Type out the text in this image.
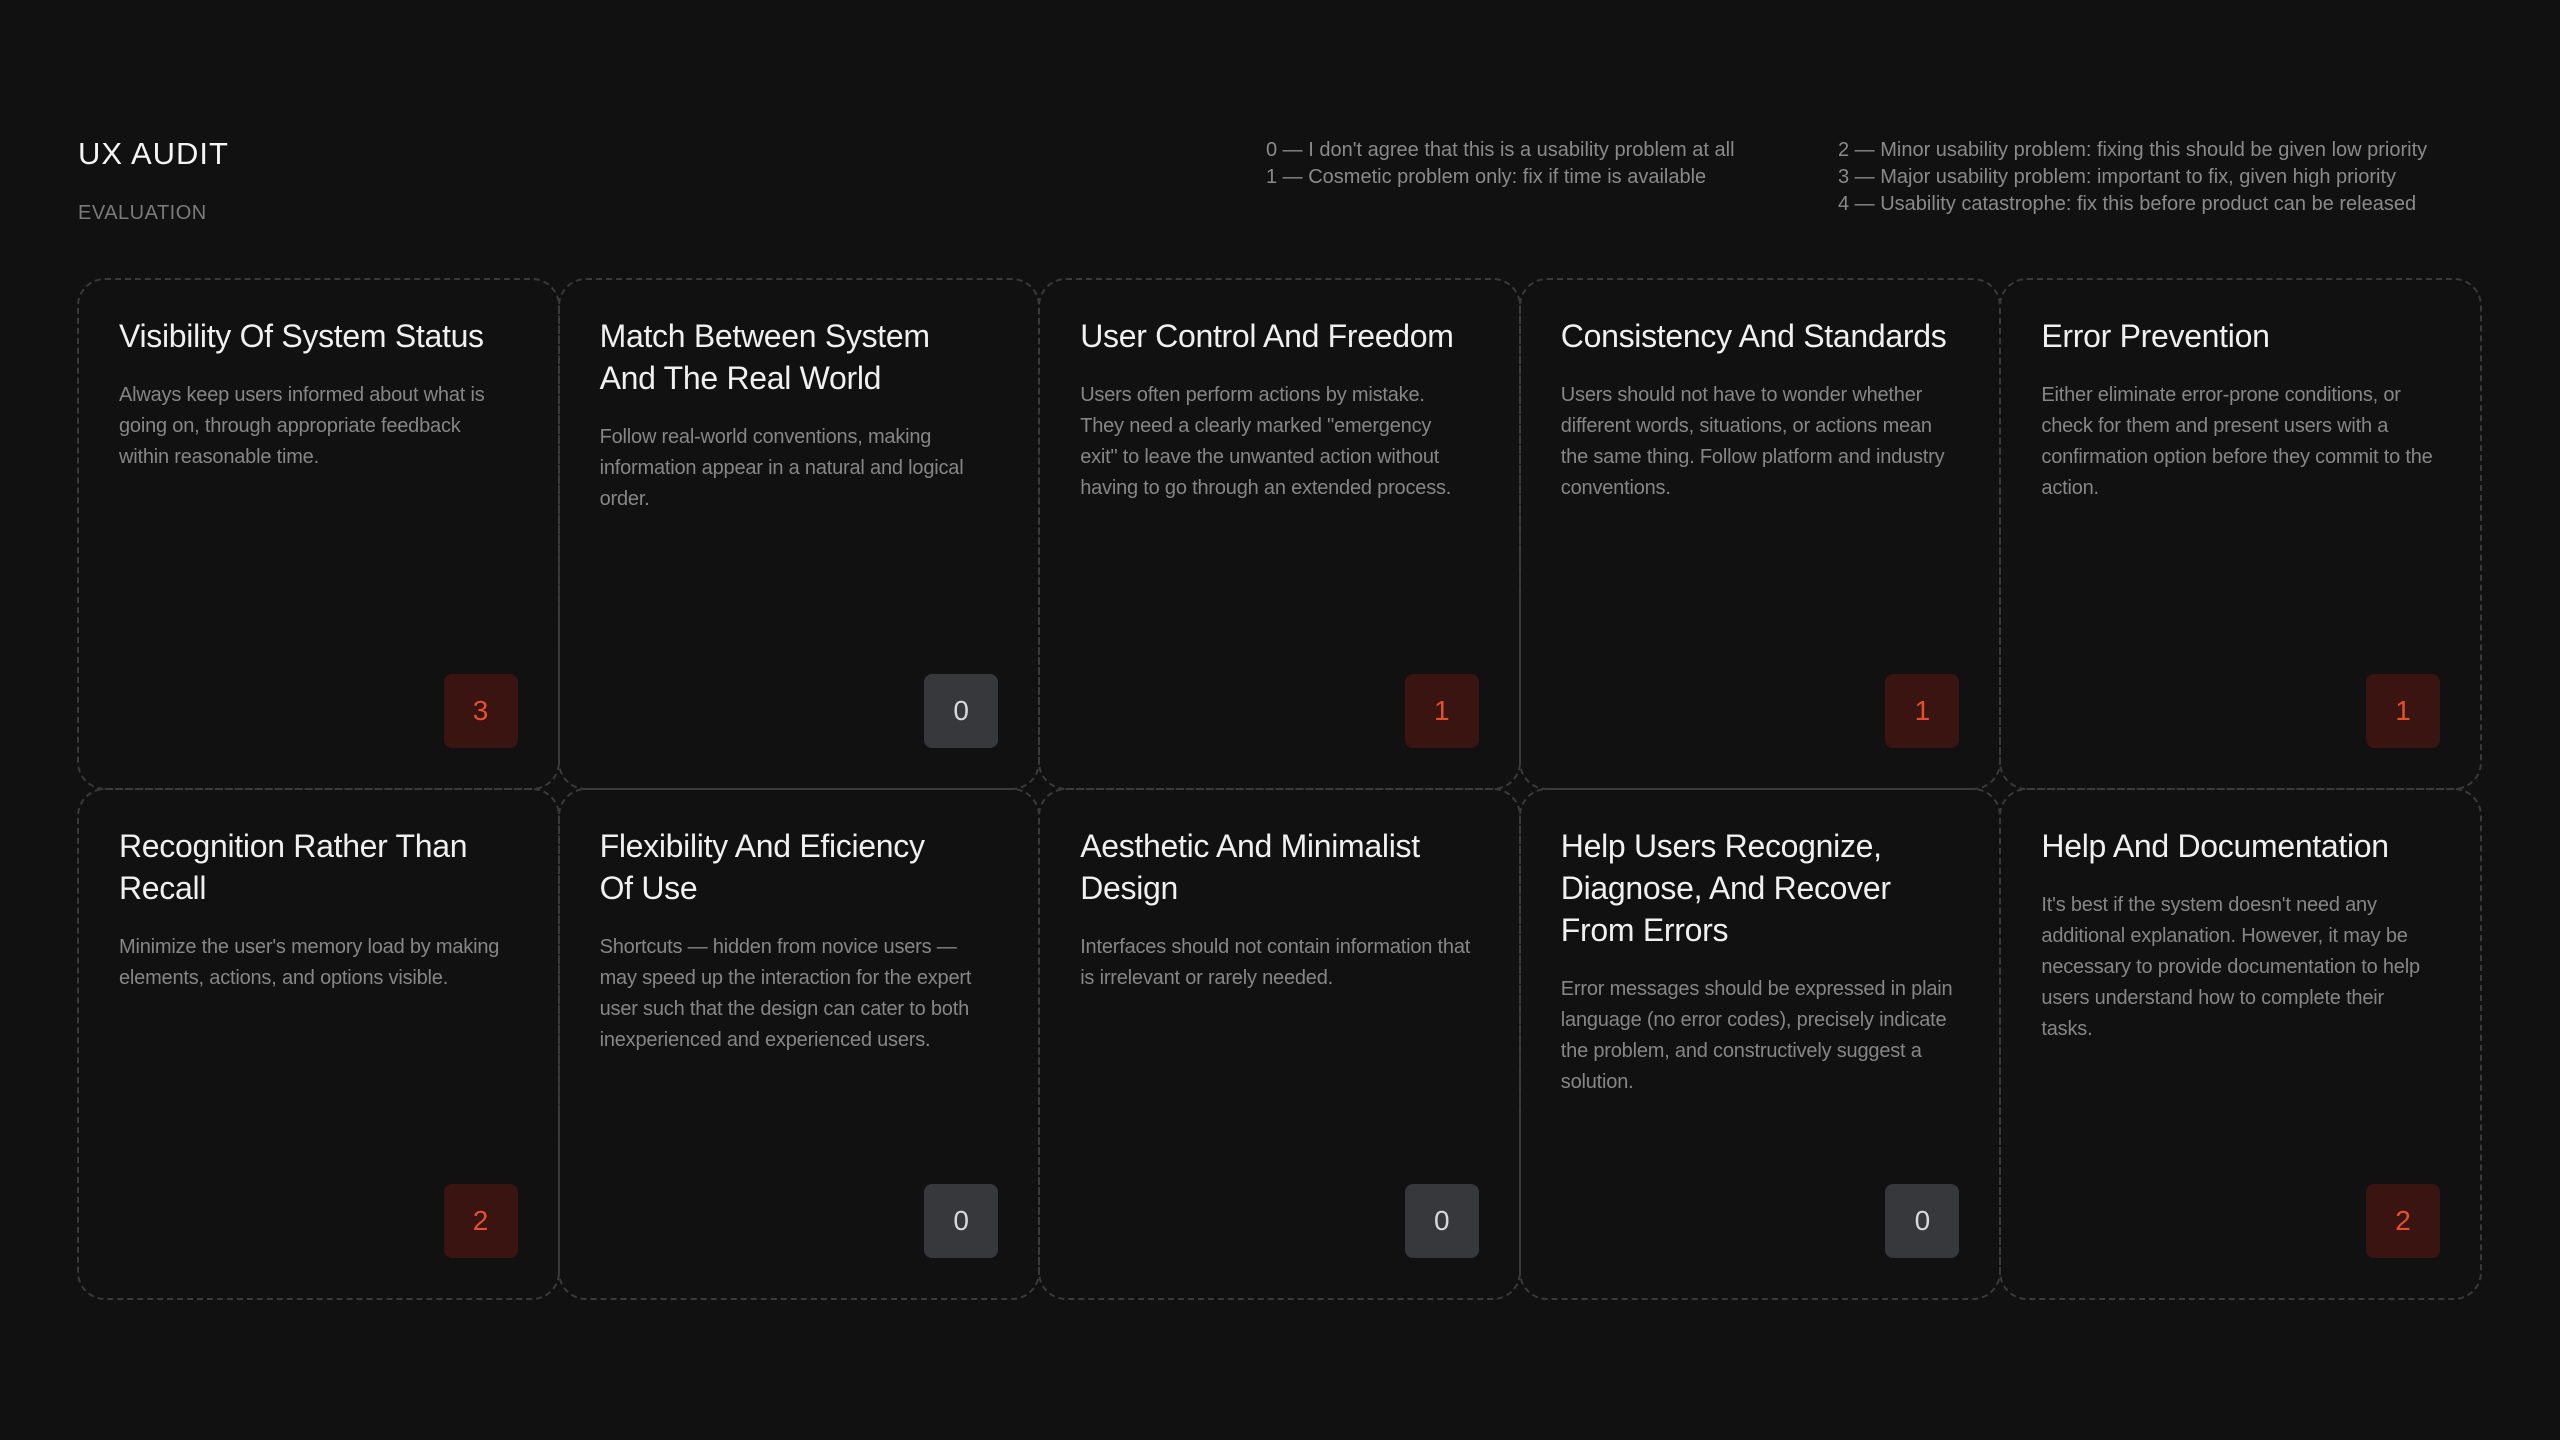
UX AUDIT

EVALUATION

0 — I don't agree that this is a usability problem at all
1 — Cosmetic problem only: fix if time is available
2 — Minor usability problem: fixing this should be given low priority
3 — Major usability problem: important to fix, given high priority
4 — Usability catastrophe: fix this before product can be released
Visibility Of System Status

Always keep users informed about what is going on, through appropriate feedback within reasonable time.

3
Match Between System And The Real World

Follow real-world conventions, making information appear in a natural and logical order.

0
User Control And Freedom

Users often perform actions by mistake. They need a clearly marked "emergency exit" to leave the unwanted action without having to go through an extended process.

1
Consistency And Standards

Users should not have to wonder whether different words, situations, or actions mean the same thing. Follow platform and industry conventions.

1
Error Prevention

Either eliminate error-prone conditions, or check for them and present users with a confirmation option before they commit to the action.

1
Recognition Rather Than Recall

Minimize the user's memory load by making elements, actions, and options visible.

2
Flexibility And Eficiency Of Use

Shortcuts — hidden from novice users — may speed up the interaction for the expert user such that the design can cater to both inexperienced and experienced users.

0
Aesthetic And Minimalist Design

Interfaces should not contain information that is irrelevant or rarely needed.

0
Help Users Recognize, Diagnose, And Recover From Errors

Error messages should be expressed in plain language (no error codes), precisely indicate the problem, and constructively suggest a solution.

0
Help And Documentation

It's best if the system doesn't need any additional explanation. However, it may be necessary to provide documentation to help users understand how to complete their tasks.

2
